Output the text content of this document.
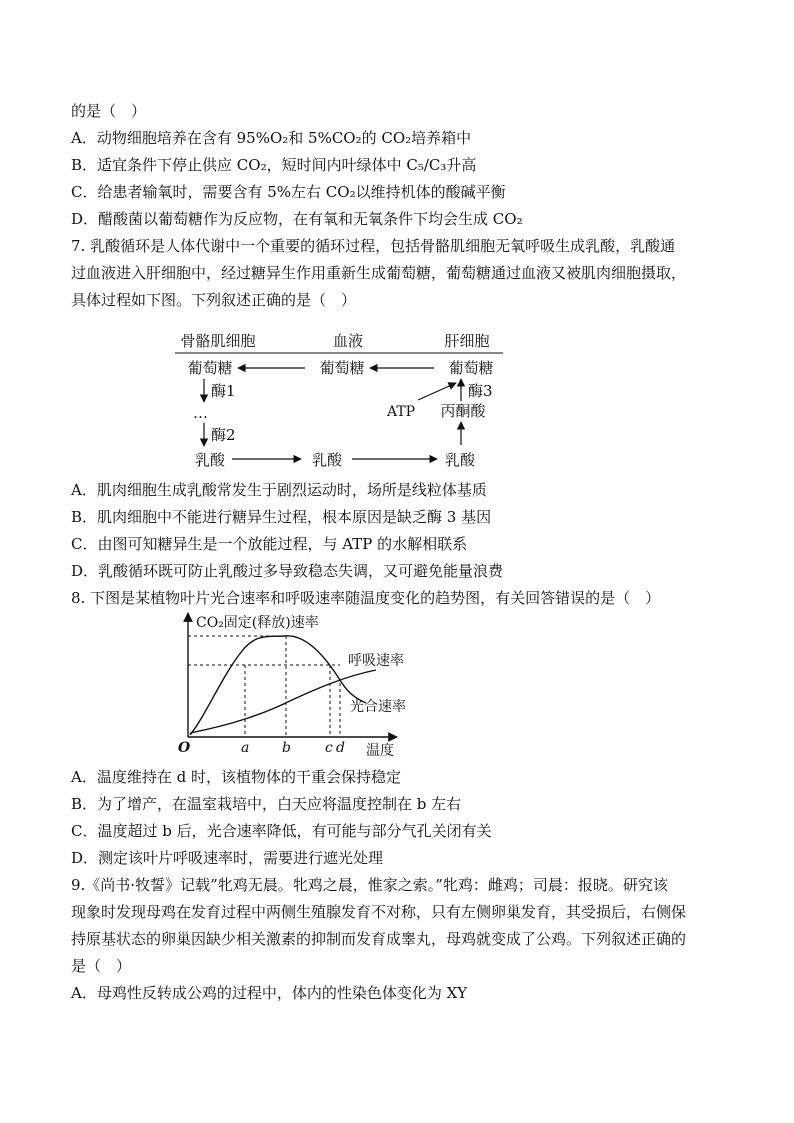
的是（　）
A．动物细胞培养在含有 95%O₂和 5%CO₂的 CO₂培养箱中
B．适宜条件下停止供应 CO₂，短时间内叶绿体中 C₅/C₃升高
C．给患者输氧时，需要含有 5%左右 CO₂以维持机体的酸碱平衡
D．醋酸菌以葡萄糖作为反应物，在有氧和无氧条件下均会生成 CO₂
7. 乳酸循环是人体代谢中一个重要的循环过程，包括骨骼肌细胞无氧呼吸生成乳酸，乳酸通
过血液进入肝细胞中，经过糖异生作用重新生成葡萄糖，葡萄糖通过血液又被肌肉细胞摄取，
具体过程如下图。下列叙述正确的是（　）
骨骼肌细胞	血液	肝细胞
葡萄糖	葡萄糖	葡萄糖
酶1
…
酶2
乳酸	乳酸	乳酸
丙酮酸
ATP
酶3
A．肌肉细胞生成乳酸常发生于剧烈运动时，场所是线粒体基质
B．肌肉细胞中不能进行糖异生过程，根本原因是缺乏酶 3 基因
C．由图可知糖异生是一个放能过程，与 ATP 的水解相联系
D．乳酸循环既可防止乳酸过多导致稳态失调，又可避免能量浪费
8. 下图是某植物叶片光合速率和呼吸速率随温度变化的趋势图，有关回答错误的是（　）
CO₂固定(释放)速率
温度
O	a b c d
呼吸速率
光合速率
A．温度维持在 d 时，该植物体的干重会保持稳定
B．为了增产，在温室栽培中，白天应将温度控制在 b 左右
C．温度超过 b 后，光合速率降低，有可能与部分气孔关闭有关
D．测定该叶片呼吸速率时，需要进行遮光处理
9.《尚书·牧誓》记载”牝鸡无晨。牝鸡之晨，惟家之索。”牝鸡：雌鸡；司晨：报晓。研究该
现象时发现母鸡在发育过程中两侧生殖腺发育不对称，只有左侧卵巢发育，其受损后，右侧保
持原基状态的卵巢因缺少相关激素的抑制而发育成睾丸，母鸡就变成了公鸡。下列叙述正确的
是（　）
A．母鸡性反转成公鸡的过程中，体内的性染色体变化为 XY
